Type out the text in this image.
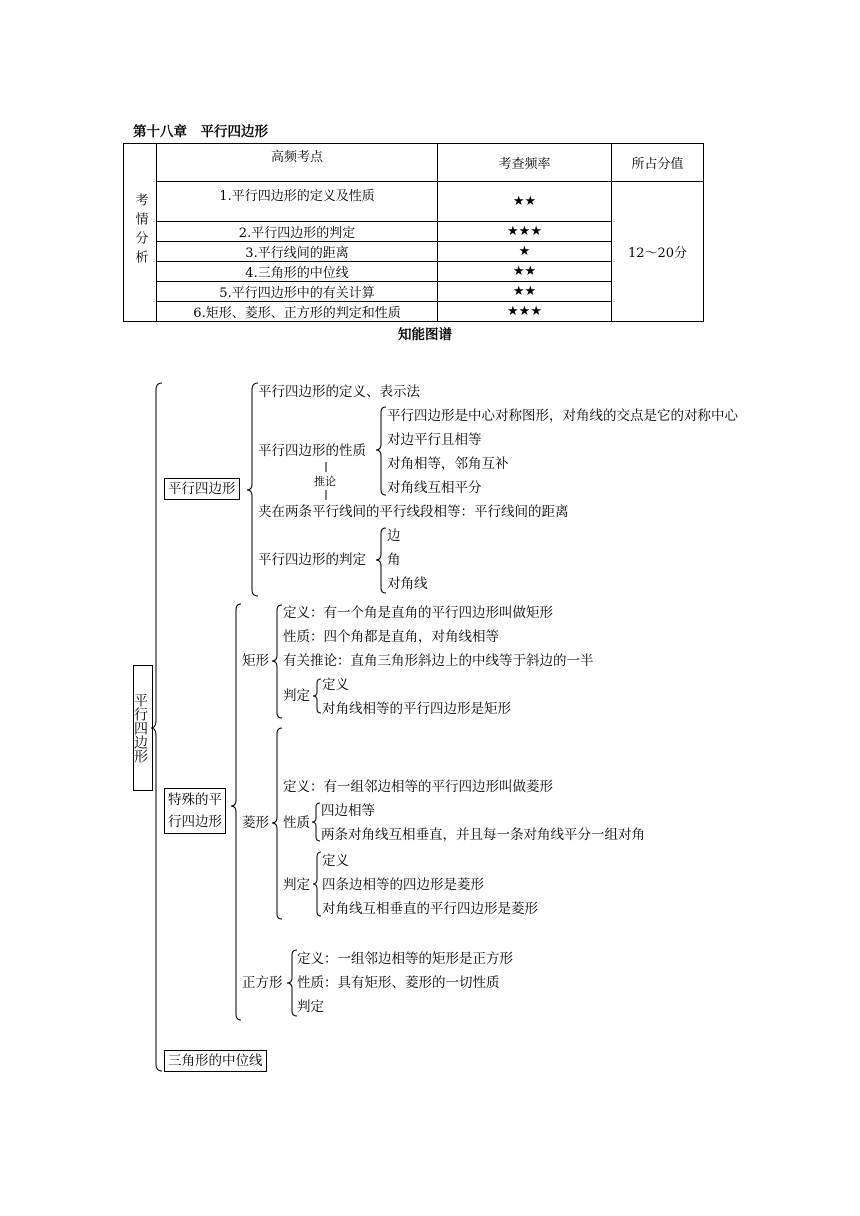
第十八章　平行四边形
考情分析	高频考点	考查频率	所占分值
	1.平行四边形的定义及性质	★★	12～20分
	2.平行四边形的判定	★★★	
	3.平行线间的距离	★	
	4.三角形的中位线	★★	
	5.平行四边形中的有关计算	★★	
	6.矩形、菱形、正方形的判定和性质	★★★	
知能图谱
平行四边形
平行四边形
平行四边形的定义、表示法
平行四边形的性质
推论
平行四边形是中心对称图形，对角线的交点是它的对称中心
对边平行且相等
对角相等，邻角互补
对角线互相平分
夹在两条平行线间的平行线段相等：平行线间的距离
平行四边形的判定
边
角
对角线
特殊的平
行四边形
矩形
定义：有一个角是直角的平行四边形叫做矩形
性质：四个角都是直角，对角线相等
有关推论：直角三角形斜边上的中线等于斜边的一半
判定
定义
对角线相等的平行四边形是矩形
菱形
定义：有一组邻边相等的平行四边形叫做菱形
性质
四边相等
两条对角线互相垂直，并且每一条对角线平分一组对角
判定
定义
四条边相等的四边形是菱形
对角线互相垂直的平行四边形是菱形
正方形
定义：一组邻边相等的矩形是正方形
性质：具有矩形、菱形的一切性质
判定
三角形的中位线
